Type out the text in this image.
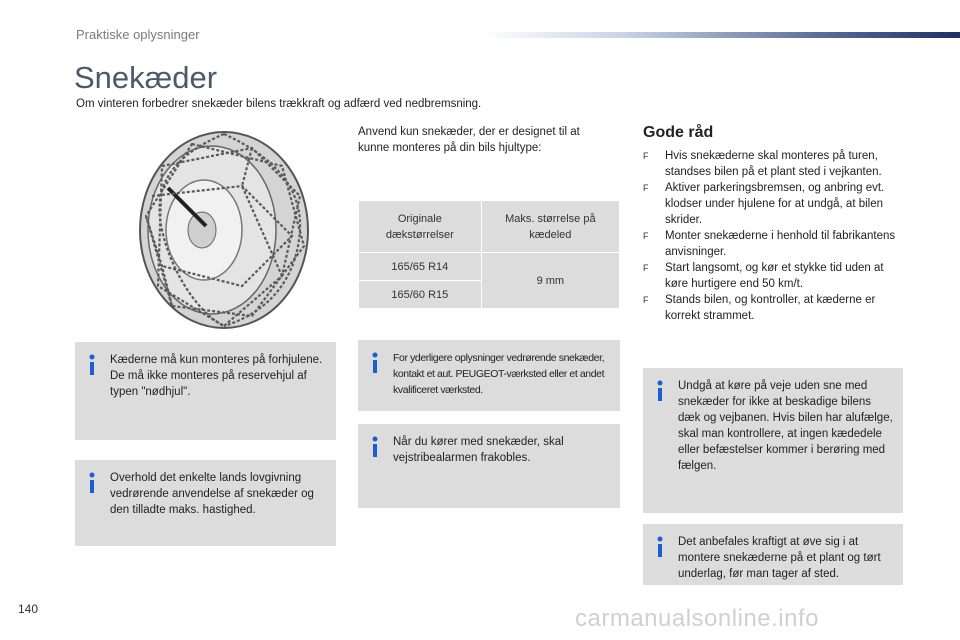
Praktiske oplysninger
Snekæder
Om vinteren forbedrer snekæder bilens trækkraft og adfærd ved nedbremsning.
Anvend kun snekæder, der er designet til at kunne monteres på din bils hjultype:
Originale dækstørrelser	Maks. størrelse på kædeled
165/65 R14	9 mm
165/60 R15	
Kæderne må kun monteres på forhjulene. De må ikke monteres på reservehjul af typen "nødhjul".
Overhold det enkelte lands lovgivning vedrørende anvendelse af snekæder og den tilladte maks. hastighed.
For yderligere oplysninger vedrørende snekæder, kontakt et aut. PEUGEOT-værksted eller et andet kvalificeret værksted.
Når du kører med snekæder, skal vejstribealarmen frakobles.
Gode råd
F Hvis snekæderne skal monteres på turen, standses bilen på et plant sted i vejkanten.
F Aktiver parkeringsbremsen, og anbring evt. klodser under hjulene for at undgå, at bilen skrider.
F Monter snekæderne i henhold til fabrikantens anvisninger.
F Start langsomt, og kør et stykke tid uden at køre hurtigere end 50 km/t.
F Stands bilen, og kontroller, at kæderne er korrekt strammet.
Undgå at køre på veje uden sne med snekæder for ikke at beskadige bilens dæk og vejbanen. Hvis bilen har alufælge, skal man kontrollere, at ingen kædedele eller befæstelser kommer i berøring med fælgen.
Det anbefales kraftigt at øve sig i at montere snekæderne på et plant og tørt underlag, før man tager af sted.
140	carmanualsonline.info
